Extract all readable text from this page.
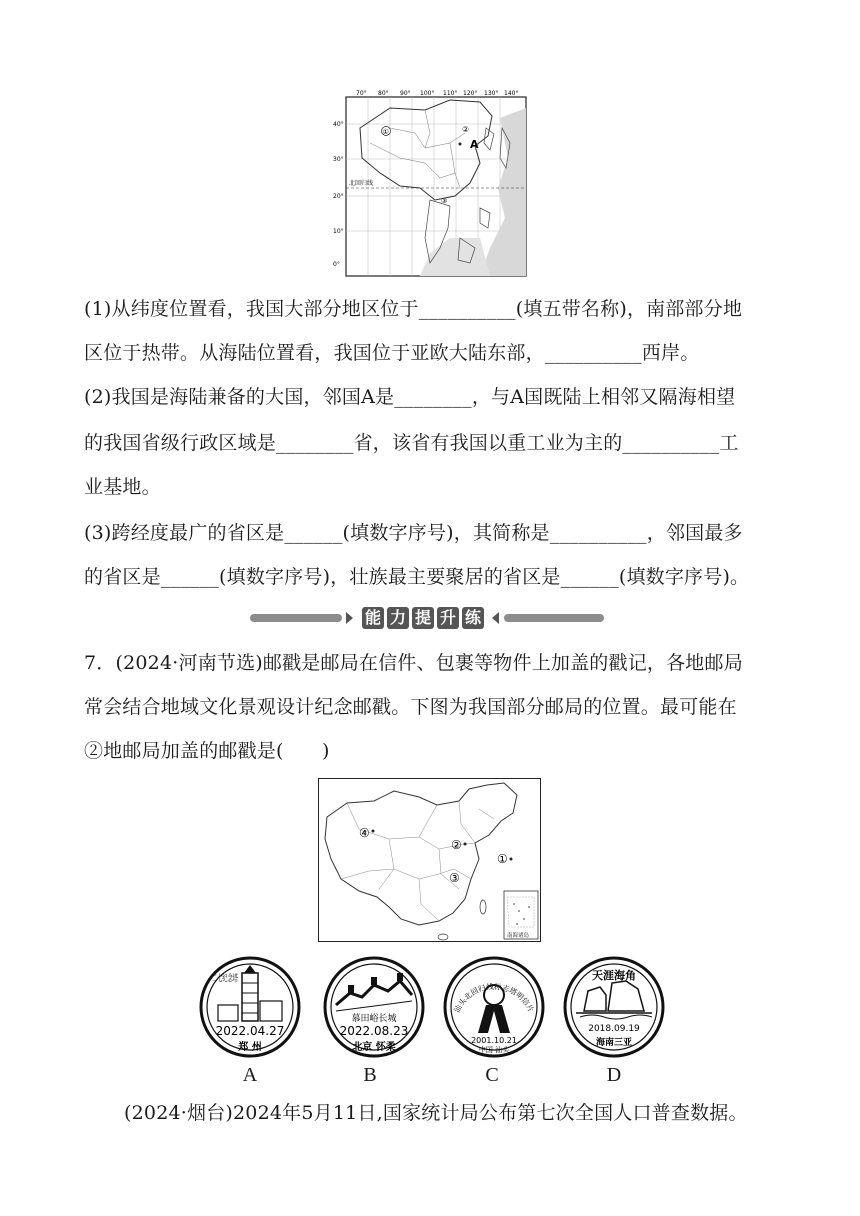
70° 80° 90° 100° 110° 120° 130° 140°
40°
30°
20°
10°
0°
北回归线
①	②
A
③
(1)从纬度位置看，我国大部分地区位于__________(填五带名称)，南部部分地
区位于热带。从海陆位置看，我国位于亚欧大陆东部，__________西岸。
(2)我国是海陆兼备的大国，邻国A是________，与A国既陆上相邻又隔海相望
的我国省级行政区域是________省，该省有我国以重工业为主的__________工
业基地。
(3)跨经度最广的省区是______(填数字序号)，其简称是__________，邻国最多
的省区是______(填数字序号)，壮族最主要聚居的省区是______(填数字序号)。
能 力 提 升 练
7．(2024·河南节选)邮戳是邮局在信件、包裹等物件上加盖的戳记，各地邮局
常会结合地域文化景观设计纪念邮戳。下图为我国部分邮局的位置。最可能在
②地邮局加盖的邮戳是(　　)
①
④
②
③
南海诸岛
二七纪念塔
2022.04.27
郑 州
A
慕田峪长城
2022.08.23
北京 怀柔
B
汕头北回归线标志塔明信片
2001.10.21
中国 汕头
C
天涯海角
2018.09.19
海南三亚
D
(2024·烟台)2024年5月11日,国家统计局公布第七次全国人口普查数据。
